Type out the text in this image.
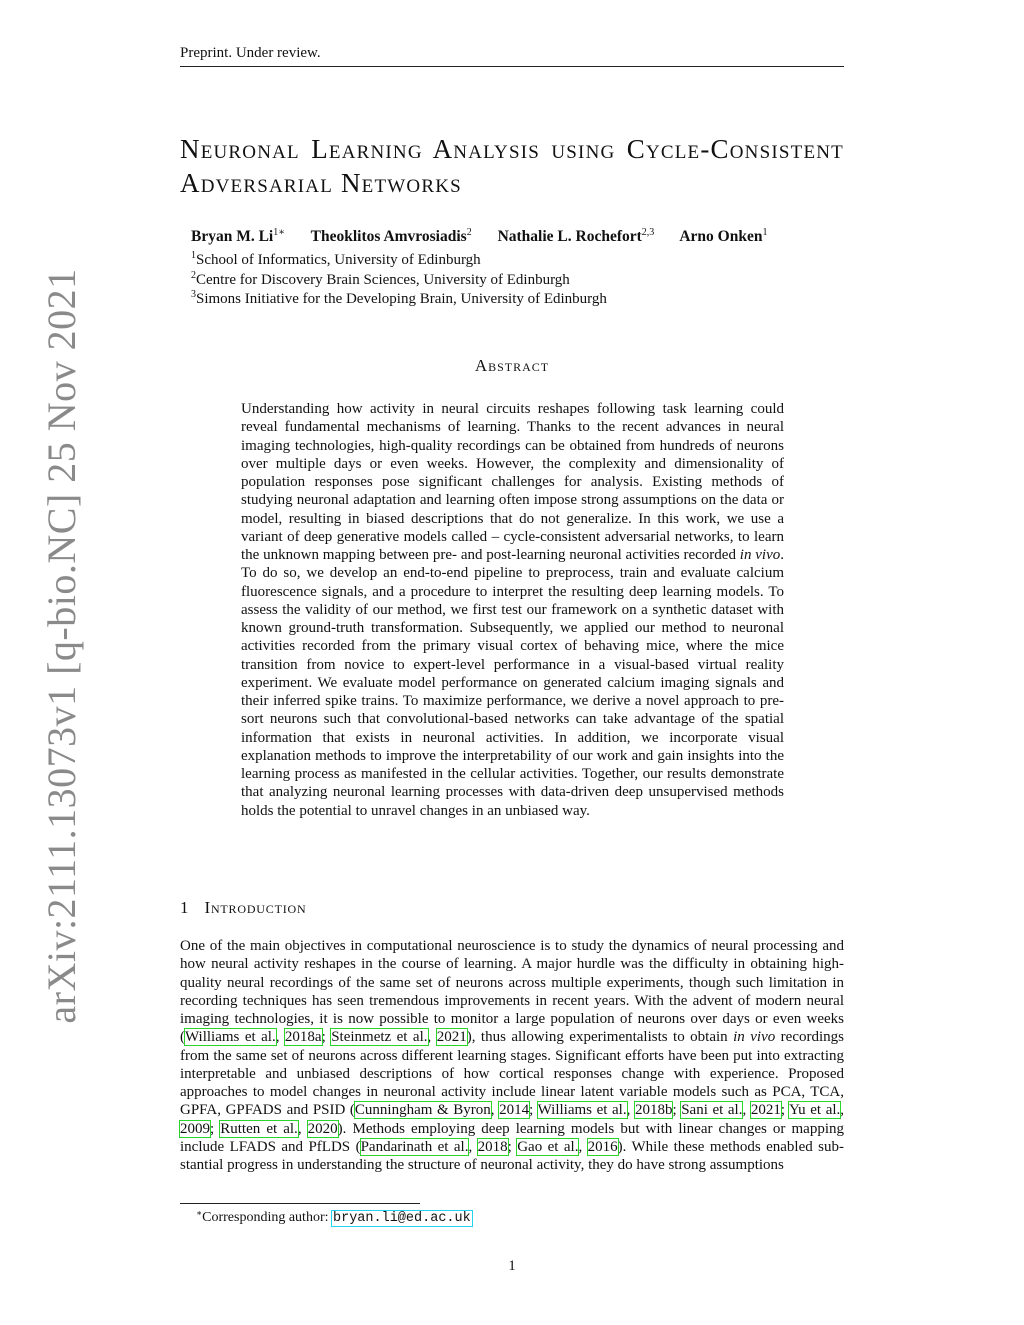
Preprint. Under review.
arXiv:2111.13073v1 [q-bio.NC] 25 Nov 2021
Neuronal Learning Analysis using Cycle-Consistent Adversarial Networks
Bryan M. $Li^{1∗}$ Theoklitos Amvrosiadis$^2$ Nathalie L. Rochefort$^{2,3}$ Arno Onken$^1$
$^1$School of Informatics, University of Edinburgh
$^2$Centre for Discovery Brain Sciences, University of Edinburgh
$^3$Simons Initiative for the Developing Brain, University of Edinburgh
Abstract

Understanding how activity in neural circuits reshapes following task learning could reveal fundamental mechanisms of learning. Thanks to the recent advances in neural imaging technologies, high-quality recordings can be obtained from hundreds of neurons over multiple days or even weeks. However, the complexity and dimensionality of population responses pose significant challenges for analysis. Existing methods of studying neuronal adaptation and learning often impose strong assumptions on the data or model, resulting in biased descriptions that do not generalize. In this work, we use a variant of deep generative models called – cycle-consistent adversarial networks, to learn the unknown mapping between pre- and post-learning neuronal activities recorded in vivo. To do so, we develop an end-to-end pipeline to preprocess, train and evaluate calcium fluorescence signals, and a procedure to interpret the resulting deep learning models. To assess the validity of our method, we first test our framework on a synthetic dataset with known ground-truth transformation. Subsequently, we applied our method to neuronal activities recorded from the primary visual cortex of behaving mice, where the mice transition from novice to expert-level performance in a visual-based virtual reality experiment. We evaluate model performance on generated calcium imaging signals and their inferred spike trains. To maximize performance, we derive a novel approach to pre-sort neurons such that convolutional-based networks can take advantage of the spatial information that exists in neuronal activities. In addition, we incorporate visual explanation methods to improve the interpretability of our work and gain insights into the learning process as manifested in the cellular activities. Together, our results demonstrate that analyzing neuronal learning processes with data-driven deep unsupervised methods holds the potential to unravel changes in an unbiased way.

1 Introduction

One of the main objectives in computational neuroscience is to study the dynamics of neural processing and how neural activity reshapes in the course of learning. A major hurdle was the difficulty in obtaining high-quality neural recordings of the same set of neurons across multiple experiments, though such limitation in recording techniques has seen tremendous improvements in recent years. With the advent of modern neural imaging technologies, it is now possible to monitor a large population of neurons over days or even weeks (Williams et al., 2018a; Steinmetz et al., 2021), thus allowing experimentalists to obtain in vivo recordings from the same set of neurons across different learning stages. Significant efforts have been put into extracting interpretable and unbiased descriptions of how cortical responses change with experience. Proposed approaches to model changes in neuronal activity include linear latent variable models such as PCA, TCA, GPFA, GPFADS and PSID (Cunningham & Byron, 2014; Williams et al., 2018b; Sani et al., 2021; Yu et al., 2009; Rutten et al., 2020). Methods employing deep learning models but with linear changes or mapping include LFADS and PfLDS (Pandarinath et al., 2018; Gao et al., 2016). While these methods enabled substantial progress in understanding the structure of neuronal activity, they do have strong assumptions

∗Corresponding author: bryan.li@ed.ac.uk
1
